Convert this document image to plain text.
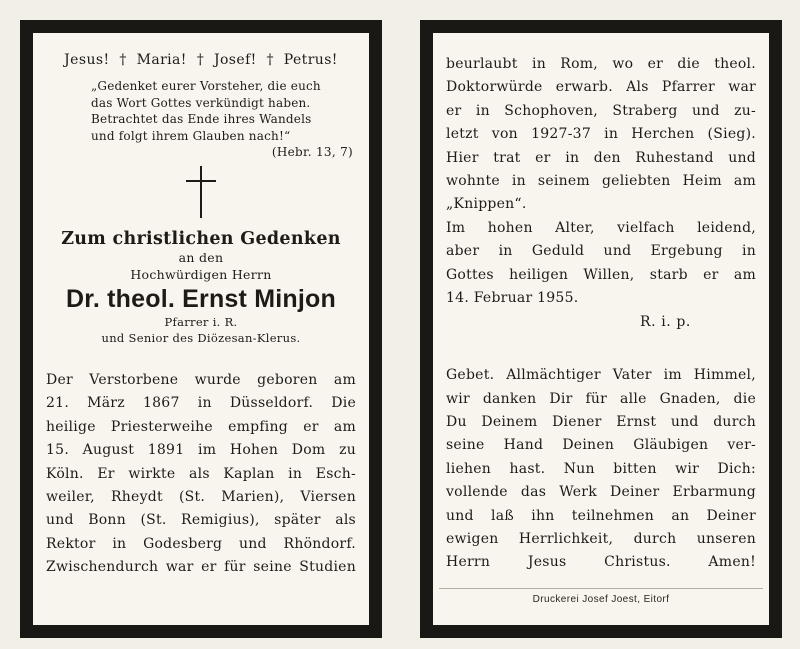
Jesus! † Maria! † Josef! † Petrus!
„Gedenket eurer Vorsteher, die euch
das Wort Gottes verkündigt haben.
Betrachtet das Ende ihres Wandels
und folgt ihrem Glauben nach!“
(Hebr. 13, 7)
Zum christlichen Gedenken
an den
Hochwürdigen Herrn
Dr. theol. Ernst Minjon
Pfarrer i. R.
und Senior des Diözesan-Klerus.
Der Verstorbene wurde geboren am
21. März 1867 in Düsseldorf. Die
heilige Priesterweihe empfing er am
15. August 1891 im Hohen Dom zu
Köln. Er wirkte als Kaplan in Esch-
weiler, Rheydt (St. Marien), Viersen
und Bonn (St. Remigius), später als
Rektor in Godesberg und Rhöndorf.
Zwischendurch war er für seine Studien
beurlaubt in Rom, wo er die theol.
Doktorwürde erwarb. Als Pfarrer war
er in Schophoven, Straberg und zu-
letzt von 1927-37 in Herchen (Sieg).
Hier trat er in den Ruhestand und
wohnte in seinem geliebten Heim am
„Knippen“.
Im hohen Alter, vielfach leidend,
aber in Geduld und Ergebung in
Gottes heiligen Willen, starb er am
14. Februar 1955.
R. i. p.
Gebet. Allmächtiger Vater im Himmel,
wir danken Dir für alle Gnaden, die
Du Deinem Diener Ernst und durch
seine Hand Deinen Gläubigen ver-
liehen hast. Nun bitten wir Dich:
vollende das Werk Deiner Erbarmung
und laß ihn teilnehmen an Deiner
ewigen Herrlichkeit, durch unseren
Herrn Jesus Christus. Amen!
Druckerei Josef Joest, Eitorf
